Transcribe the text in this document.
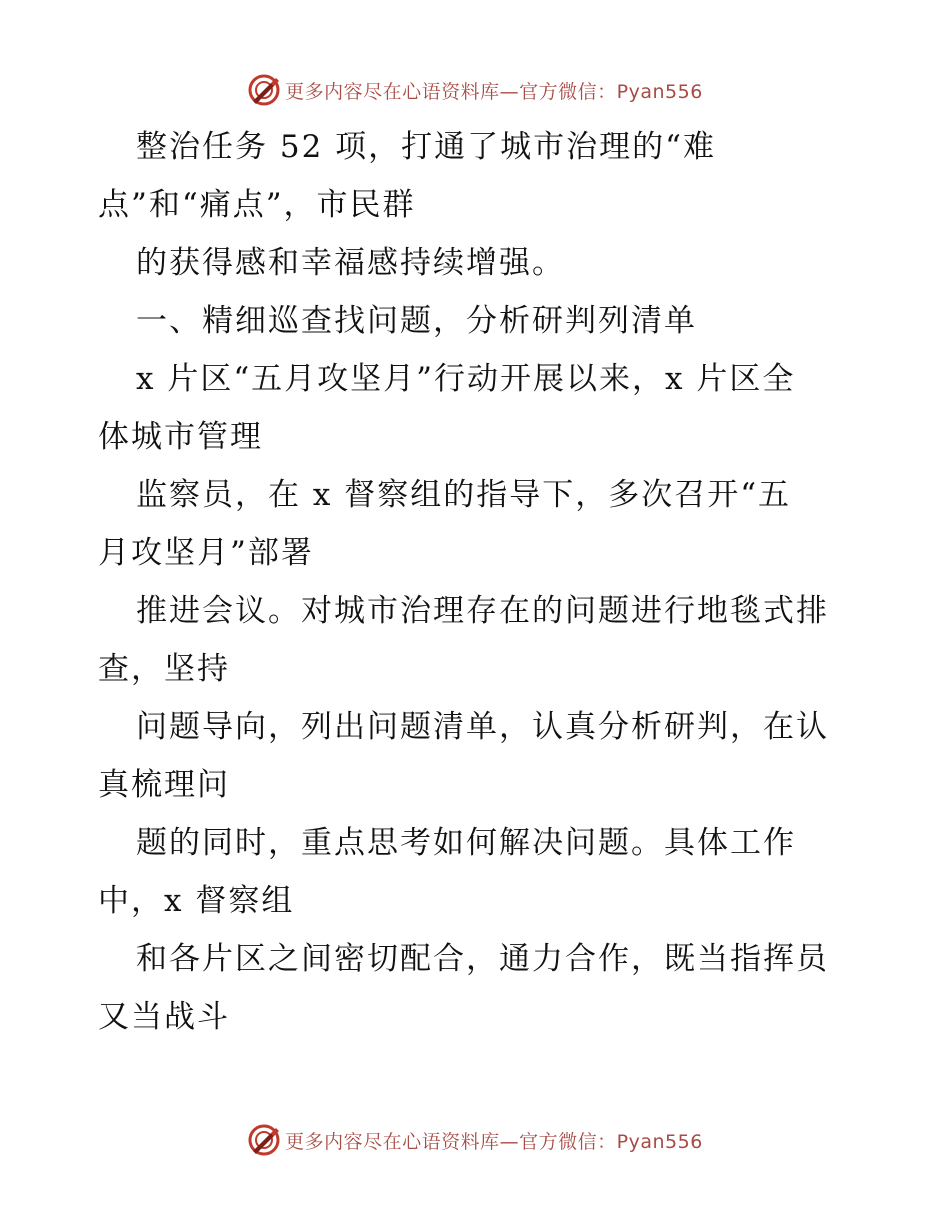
更多内容尽在心语资料库—官方微信：Pyan556
整治任务 52 项，打通了城市治理的“难
点”和“痛点”，市民群
的获得感和幸福感持续增强。
一、精细巡查找问题，分析研判列清单
x 片区“五月攻坚月”行动开展以来，x 片区全
体城市管理
监察员，在 x 督察组的指导下，多次召开“五
月攻坚月”部署
推进会议。对城市治理存在的问题进行地毯式排
查，坚持
问题导向，列出问题清单，认真分析研判，在认
真梳理问
题的同时，重点思考如何解决问题。具体工作
中，x 督察组
和各片区之间密切配合，通力合作，既当指挥员
又当战斗
更多内容尽在心语资料库—官方微信：Pyan556
